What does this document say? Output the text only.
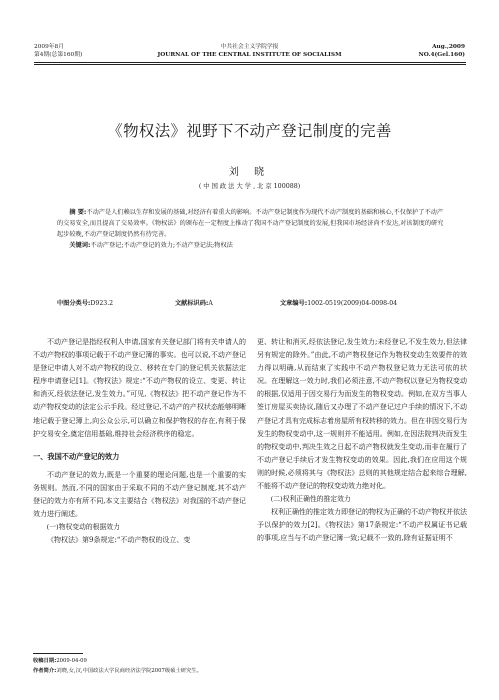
2009年8月
第4期(总第160期)
中共社会主义学院学报
JOURNAL OF THE CENTRAL INSTITUTE OF SOCIALISM
Aug.,2009
NO.4(Gel.160)
《物权法》视野下不动产登记制度的完善
刘 晓
( 中 国 政 法 大 学 , 北 京 100088)

摘 要:不动产是人们赖以生存和发展的基础,对经济有着重大的影响。不动产登记制度作为现代不动产制度的基础和核心,不仅保护了不动产的交易安全,而且提高了交易效率。《物权法》的颁布在一定程度上推动了我国不动产登记制度的发展,但我国市场经济尚不发达,对该制度的研究起步较晚,不动产登记制度仍然有待完善。

关键词:不动产登记;不动产登记的效力;不动产登记法;物权法

中图分类号:D923.2	文献标识码:A	文章编号:1002-0519(2009)04-0098-04

不动产登记是指经权利人申请,国家有关登记部门将有关申请人的不动产物权的事项记载于不动产登记簿的事实。也可以说,不动产登记是登记申请人对不动产物权的设立、移转在专门的登记机关依据法定程序申请登记[1]。《物权法》规定:“不动产物权的设立、变更、转让和消灭,经依法登记,发生效力。”可见,《物权法》把不动产登记作为不动产物权变动的法定公示手段。经过登记,不动产的产权状态能够明晰地记载于登记簿上,向公众公示,可以确立和保护物权的存在,有利于保护交易安全,奠定信用基础,维持社会经济秩序的稳定。

一、我国不动产登记的效力

不动产登记的效力,既是一个重要的理论问题,也是一个重要的实务规则。然而,不同的国家由于采取不同的不动产登记制度,其不动产登记的效力亦有所不同,本文主要结合《物权法》对我国的不动产登记效力进行阐述。

(一)物权变动的根据效力

《物权法》第9条规定:“不动产物权的设立、变

更、转让和消灭,经依法登记,发生效力;未经登记,不发生效力,但法律另有规定的除外。”由此,不动产物权登记作为物权变动生效要件的效力得以明确,从而结束了实践中不动产物权登记效力无法可依的状况。在理解这一效力时,我们必须注意,不动产物权以登记为物权变动的根据,仅适用于因交易行为而发生的物权变动。例如,在双方当事人签订房屋买卖协议,随后又办理了不动产登记过户手续的情况下,不动产登记才具有完成标志着房屋所有权转移的效力。但在非因交易行为发生的物权变动中,这一规则并不能适用。例如,在因法院判决而发生的物权变动中,判决生效之日起不动产物权就发生变动,而非在履行了不动产登记手续后才发生物权变动的效果。因此,我们在应用这个规则的时候,必须将其与《物权法》总则的其他规定结合起来综合理解,不能将不动产登记的物权变动效力绝对化。

(二)权利正确性的推定效力

权利正确性的推定效力即登记的物权为正确的不动产物权并依法予以保护的效力[2]。《物权法》第17条规定:“不动产权属证书记载的事项,应当与不动产登记簿一致;记载不一致的,除有证据证明不

收稿日期:2009-04-09
作者简介:刘晓,女,汉,中国政法大学民商经济法学院2007级硕士研究生。
